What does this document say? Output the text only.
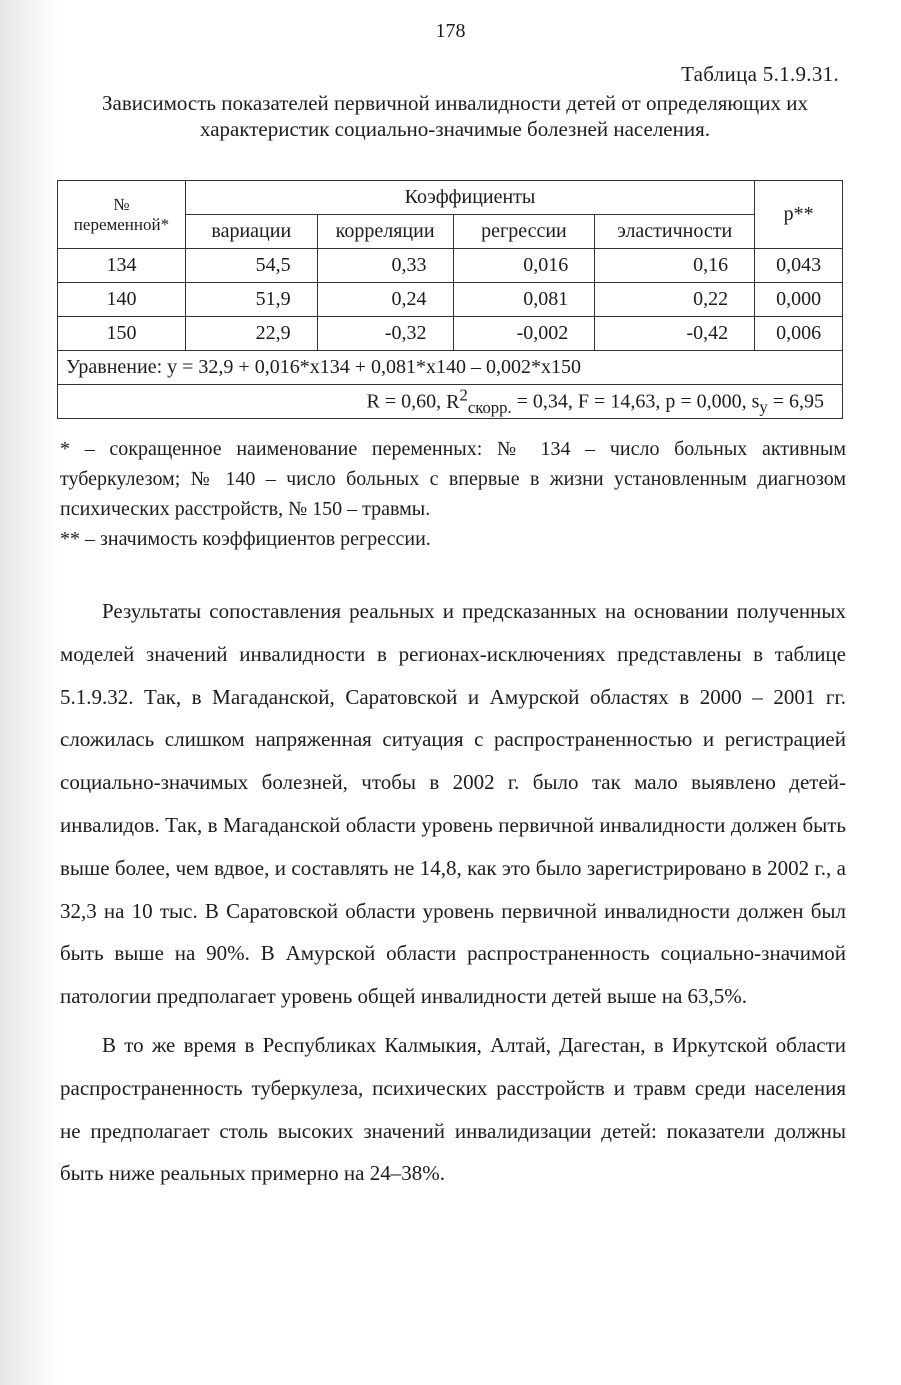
178
Таблица 5.1.9.31.
Зависимость показателей первичной инвалидности детей от определяющих их характеристик социально-значимые болезней населения.
№ переменной*	Коэффициенты				p**
	вариации	корреляции	регрессии	эластичности	
134	54,5	0,33	0,016	0,16	0,043
140	51,9	0,24	0,081	0,22	0,000
150	22,9	-0,32	-0,002	-0,42	0,006
Уравнение: y = 32,9 + 0,016*x134 + 0,081*x140 – 0,002*x150					
R = 0,60, $R^2_{скорр.} = 0,34$, F = 14,63, p = 0,000, $s_y = 6,95$					

* – сокращенное наименование переменных: № 134 – число больных активным туберкулезом; № 140 – число больных с впервые в жизни установленным диагнозом психических расстройств, № 150 – травмы.

** – значимость коэффициентов регрессии.

Результаты сопоставления реальных и предсказанных на основании полученных моделей значений инвалидности в регионах-исключениях представлены в таблице 5.1.9.32. Так, в Магаданской, Саратовской и Амурской областях в 2000 – 2001 гг. сложилась слишком напряженная ситуация с распространенностью и регистрацией социально-значимых болезней, чтобы в 2002 г. было так мало выявлено детей-инвалидов. Так, в Магаданской области уровень первичной инвалидности должен быть выше более, чем вдвое, и составлять не 14,8, как это было зарегистрировано в 2002 г., а 32,3 на 10 тыс. В Саратовской области уровень первичной инвалидности должен был быть выше на 90%. В Амурской области распространенность социально-значимой патологии предполагает уровень общей инвалидности детей выше на 63,5%.

В то же время в Республиках Калмыкия, Алтай, Дагестан, в Иркутской области распространенность туберкулеза, психических расстройств и травм среди населения не предполагает столь высоких значений инвалидизации детей: показатели должны быть ниже реальных примерно на 24–38%.
